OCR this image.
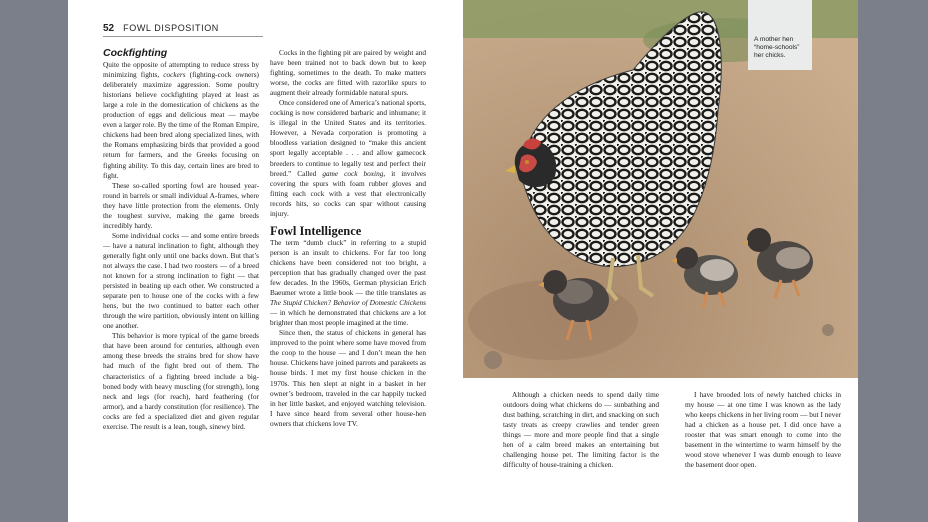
52 FOWL DISPOSITION
Cockfighting

Quite the opposite of attempting to reduce stress by minimizing fights, cockers (fighting-cock owners) deliberately maximize aggression. Some poultry historians believe cockfighting played at least as large a role in the domestication of chickens as the production of eggs and delicious meat — maybe even a larger role. By the time of the Roman Empire, chickens had been bred along specialized lines, with the Romans emphasizing birds that provided a good return for farmers, and the Greeks focusing on fighting ability. To this day, certain lines are bred to fight.

These so-called sporting fowl are housed year-round in barrels or small individual A-frames, where they have little protection from the elements. Only the toughest survive, making the game breeds incredibly hardy.

Some individual cocks — and some entire breeds — have a natural inclination to fight, although they generally fight only until one backs down. But that’s not always the case. I had two roosters — of a breed not known for a strong inclination to fight — that persisted in beating up each other. We constructed a separate pen to house one of the cocks with a few hens, but the two continued to batter each other through the wire partition, obviously intent on killing one another.

This behavior is more typical of the game breeds that have been around for centuries, although even among these breeds the strains bred for show have had much of the fight bred out of them. The characteristics of a fighting breed include a big-boned body with heavy muscling (for strength), long neck and legs (for reach), hard feathering (for armor), and a hardy constitution (for resilience). The cocks are fed a specialized diet and given regular exercise. The result is a lean, tough, sinewy bird.

Cocks in the fighting pit are paired by weight and have been trained not to back down but to keep fighting, sometimes to the death. To make matters worse, the cocks are fitted with razorlike spurs to augment their already formidable natural spurs.

Once considered one of America’s national sports, cocking is now considered barbaric and inhumane; it is illegal in the United States and its territories. However, a Nevada corporation is promoting a bloodless variation designed to “make this ancient sport legally acceptable . . . and allow gamecock breeders to continue to legally test and perfect their breed.” Called game cock boxing, it involves covering the spurs with foam rubber gloves and fitting each cock with a vest that electronically records hits, so cocks can spar without causing injury.

Fowl Intelligence

The term “dumb cluck” in referring to a stupid person is an insult to chickens. For far too long chickens have been considered not too bright, a perception that has gradually changed over the past few decades. In the 1960s, German physician Erich Baeumer wrote a little book — the title translates as The Stupid Chicken? Behavior of Domestic Chickens — in which he demonstrated that chickens are a lot brighter than most people imagined at the time.

Since then, the status of chickens in general has improved to the point where some have moved from the coop to the house — and I don’t mean the hen house. Chickens have joined parrots and parakeets as house birds. I met my first house chicken in the 1970s. This hen slept at night in a basket in her owner’s bedroom, traveled in the car happily tucked in her little basket, and enjoyed watching television. I have since heard from several other house-hen owners that chickens love TV.

A mother hen “home-schools” her chicks.

Although a chicken needs to spend daily time outdoors doing what chickens do — sunbathing and dust bathing, scratching in dirt, and snacking on such tasty treats as creepy crawlies and tender green things — more and more people find that a single hen of a calm breed makes an entertaining but challenging house pet. The limiting factor is the difficulty of house-training a chicken.

I have brooded lots of newly hatched chicks in my house — at one time I was known as the lady who keeps chickens in her living room — but I never had a chicken as a house pet. I did once have a rooster that was smart enough to come into the basement in the wintertime to warm himself by the wood stove whenever I was dumb enough to leave the basement door open.
